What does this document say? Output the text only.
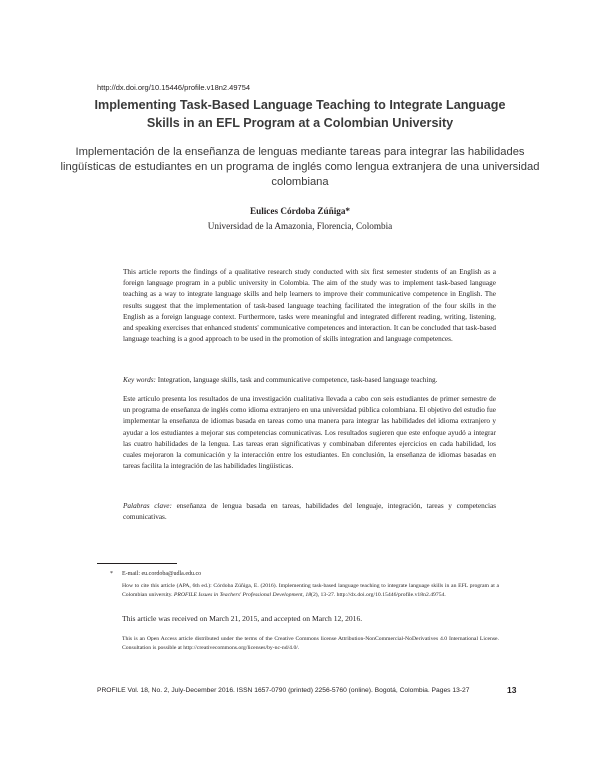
http://dx.doi.org/10.15446/profile.v18n2.49754
Implementing Task-Based Language Teaching to Integrate Language Skills in an EFL Program at a Colombian University
Implementación de la enseñanza de lenguas mediante tareas para integrar las habilidades lingüísticas de estudiantes en un programa de inglés como lengua extranjera de una universidad colombiana
Eulices Córdoba Zúñiga*
Universidad de la Amazonia, Florencia, Colombia
This article reports the findings of a qualitative research study conducted with six first semester students of an English as a foreign language program in a public university in Colombia. The aim of the study was to implement task-based language teaching as a way to integrate language skills and help learners to improve their communicative competence in English. The results suggest that the implementation of task-based language teaching facilitated the integration of the four skills in the English as a foreign language context. Furthermore, tasks were meaningful and integrated different reading, writing, listening, and speaking exercises that enhanced students' communicative competences and interaction. It can be concluded that task-based language teaching is a good approach to be used in the promotion of skills integration and language competences.
Key words: Integration, language skills, task and communicative competence, task-based language teaching.
Este artículo presenta los resultados de una investigación cualitativa llevada a cabo con seis estudiantes de primer semestre de un programa de enseñanza de inglés como idioma extranjero en una universidad pública colombiana. El objetivo del estudio fue implementar la enseñanza de idiomas basada en tareas como una manera para integrar las habilidades del idioma extranjero y ayudar a los estudiantes a mejorar sus competencias comunicativas. Los resultados sugieren que este enfoque ayudó a integrar las cuatro habilidades de la lengua. Las tareas eran significativas y combinaban diferentes ejercicios en cada habilidad, los cuales mejoraron la comunicación y la interacción entre los estudiantes. En conclusión, la enseñanza de idiomas basadas en tareas facilita la integración de las habilidades lingüísticas.
Palabras clave: enseñanza de lengua basada en tareas, habilidades del lenguaje, integración, tareas y competencias comunicativas.
* E-mail: eu.cordoba@udla.edu.co
How to cite this article (APA, 6th ed.): Córdoba Zúñiga, E. (2016). Implementing task-based language teaching to integrate language skills in an EFL program at a Colombian university. PROFILE Issues in Teachers' Professional Development, 18(2), 13-27. http://dx.doi.org/10.15446/profile.v18n2.49754.
This article was received on March 21, 2015, and accepted on March 12, 2016.
This is an Open Access article distributed under the terms of the Creative Commons license Attribution-NonCommercial-NoDerivatives 4.0 International License. Consultation is possible at http://creativecommons.org/licenses/by-nc-nd/4.0/.
PROFILE Vol. 18, No. 2, July-December 2016. ISSN 1657-0790 (printed) 2256-5760 (online). Bogotá, Colombia. Pages 13-27	13
